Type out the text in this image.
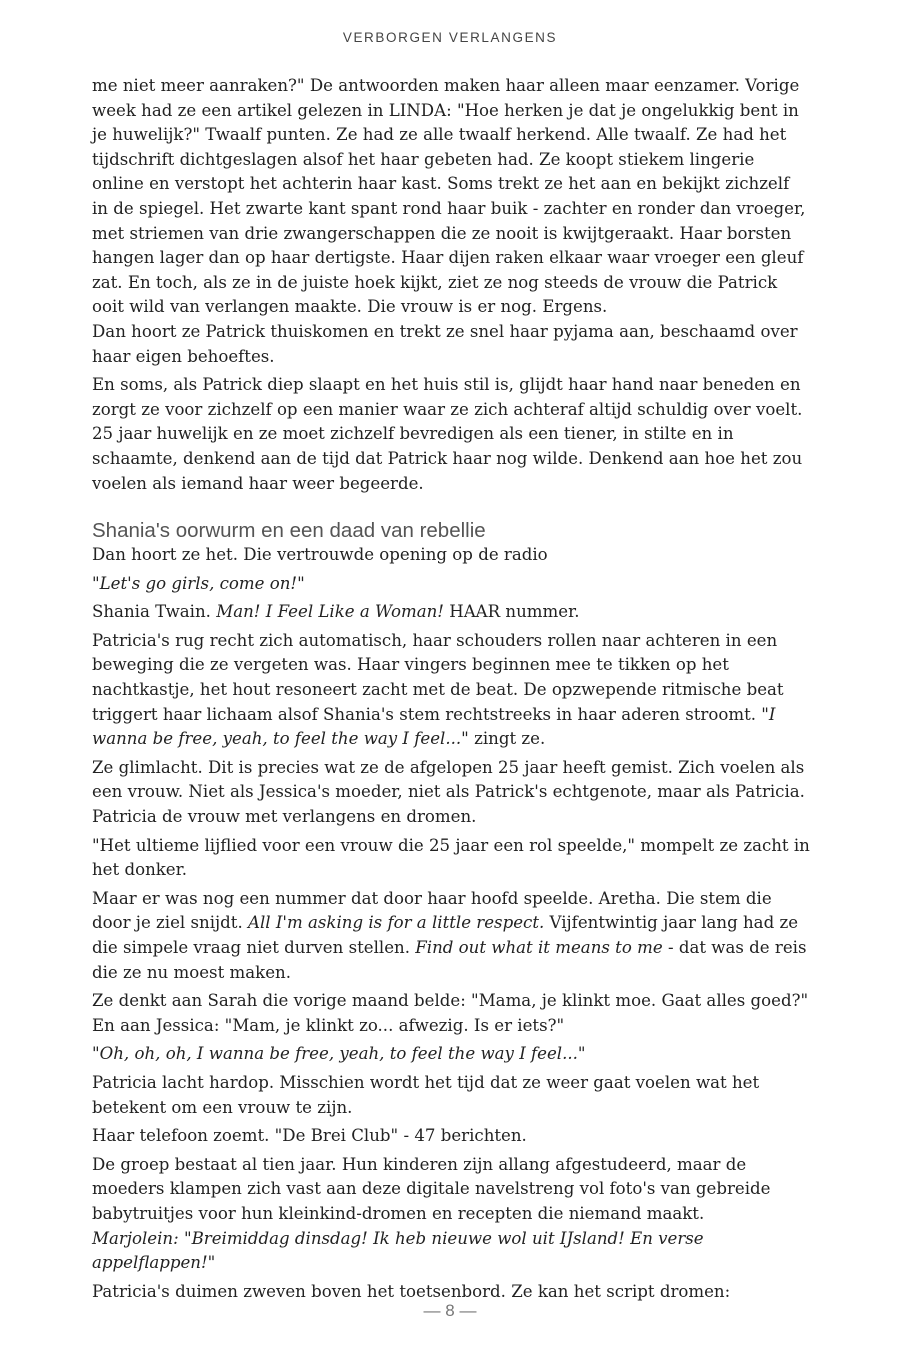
VERBORGEN VERLANGENS

me niet meer aanraken?" De antwoorden maken haar alleen maar eenzamer. Vorige week had ze een artikel gelezen in LINDA: "Hoe herken je dat je ongelukkig bent in je huwelijk?" Twaalf punten. Ze had ze alle twaalf herkend. Alle twaalf. Ze had het tijdschrift dichtgeslagen alsof het haar gebeten had. Ze koopt stiekem lingerie online en verstopt het achterin haar kast. Soms trekt ze het aan en bekijkt zichzelf in de spiegel. Het zwarte kant spant rond haar buik - zachter en ronder dan vroeger, met striemen van drie zwangerschappen die ze nooit is kwijtgeraakt. Haar borsten hangen lager dan op haar dertigste. Haar dijen raken elkaar waar vroeger een gleuf zat. En toch, als ze in de juiste hoek kijkt, ziet ze nog steeds de vrouw die Patrick ooit wild van verlangen maakte. Die vrouw is er nog. Ergens.

Dan hoort ze Patrick thuiskomen en trekt ze snel haar pyjama aan, beschaamd over haar eigen behoeftes.

En soms, als Patrick diep slaapt en het huis stil is, glijdt haar hand naar beneden en zorgt ze voor zichzelf op een manier waar ze zich achteraf altijd schuldig over voelt. 25 jaar huwelijk en ze moet zichzelf bevredigen als een tiener, in stilte en in schaamte, denkend aan de tijd dat Patrick haar nog wilde. Denkend aan hoe het zou voelen als iemand haar weer begeerde.

Shania's oorwurm en een daad van rebellie

Dan hoort ze het. Die vertrouwde opening op de radio

"Let's go girls, come on!"

Shania Twain. Man! I Feel Like a Woman! HAAR nummer.

Patricia's rug recht zich automatisch, haar schouders rollen naar achteren in een beweging die ze vergeten was. Haar vingers beginnen mee te tikken op het nachtkastje, het hout resoneert zacht met de beat. De opzwepende ritmische beat triggert haar lichaam alsof Shania's stem rechtstreeks in haar aderen stroomt. "I wanna be free, yeah, to feel the way I feel..." zingt ze.

Ze glimlacht. Dit is precies wat ze de afgelopen 25 jaar heeft gemist. Zich voelen als een vrouw. Niet als Jessica's moeder, niet als Patrick's echtgenote, maar als Patricia. Patricia de vrouw met verlangens en dromen.

"Het ultieme lijflied voor een vrouw die 25 jaar een rol speelde," mompelt ze zacht in het donker.

Maar er was nog een nummer dat door haar hoofd speelde. Aretha. Die stem die door je ziel snijdt. All I'm asking is for a little respect. Vijfentwintig jaar lang had ze die simpele vraag niet durven stellen. Find out what it means to me - dat was de reis die ze nu moest maken.

Ze denkt aan Sarah die vorige maand belde: "Mama, je klinkt moe. Gaat alles goed?" En aan Jessica: "Mam, je klinkt zo... afwezig. Is er iets?"

"Oh, oh, oh, I wanna be free, yeah, to feel the way I feel..."

Patricia lacht hardop. Misschien wordt het tijd dat ze weer gaat voelen wat het betekent om een vrouw te zijn.

Haar telefoon zoemt. "De Brei Club" - 47 berichten.

De groep bestaat al tien jaar. Hun kinderen zijn allang afgestudeerd, maar de moeders klampen zich vast aan deze digitale navelstreng vol foto's van gebreide babytruitjes voor hun kleinkind-dromen en recepten die niemand maakt.

Marjolein: "Breimiddag dinsdag! Ik heb nieuwe wol uit IJsland! En verse appelflappen!"

Patricia's duimen zweven boven het toetsenbord. Ze kan het script dromen:

— 8 —
